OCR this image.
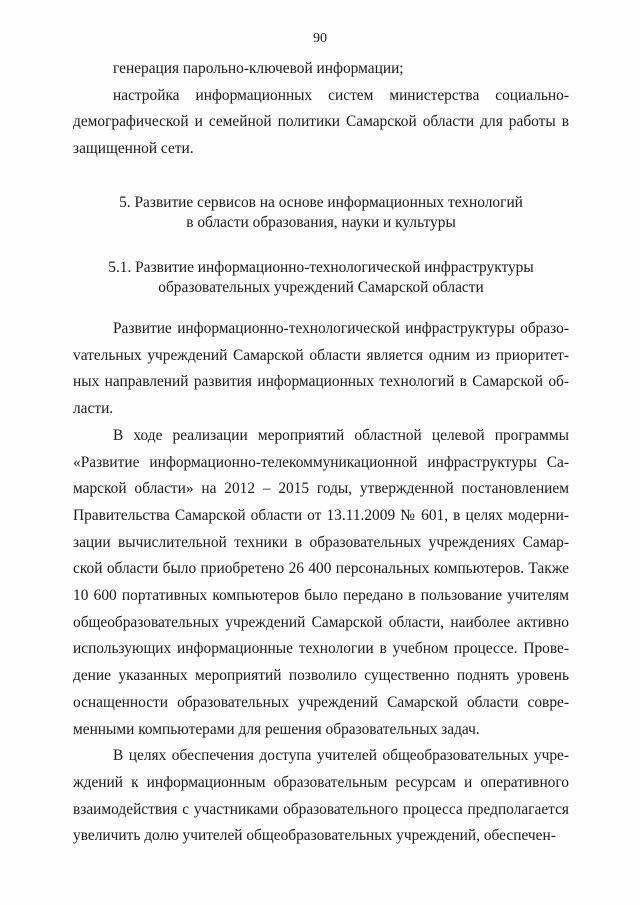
90

генерация парольно-ключевой информации;

настройка информационных систем министерства социально-демографической и семейной политики Самарской области для работы в защищенной сети.

5. Развитие сервисов на основе информационных технологий

в области образования, науки и культуры

5.1. Развитие информационно-технологической инфраструктуры

образовательных учреждений Самарской области

Развитие информационно-технологической инфраструктуры образоvательных учреждений Самарской области является одним из приоритетных направлений развития информационных технологий в Самарской области.

В ходе реализации мероприятий областной целевой программы «Развитие информационно-телекоммуникационной инфраструктуры Самарской области» на 2012 – 2015 годы, утвержденной постановлением Правительства Самарской области от 13.11.2009 № 601, в целях модернизации вычислительной техники в образовательных учреждениях Самарской области было приобретено 26 400 персональных компьютеров. Также 10 600 портативных компьютеров было передано в пользование учителям общеобразовательных учреждений Самарской области, наиболее активно использующих информационные технологии в учебном процессе. Проведение указанных мероприятий позволило существенно поднять уровень оснащенности образовательных учреждений Самарской области современными компьютерами для решения образовательных задач.

В целях обеспечения доступа учителей общеобразовательных учреждений к информационным образовательным ресурсам и оперативного взаимодействия с участниками образовательного процесса предполагается увеличить долю учителей общеобразовательных учреждений, обеспечен-
